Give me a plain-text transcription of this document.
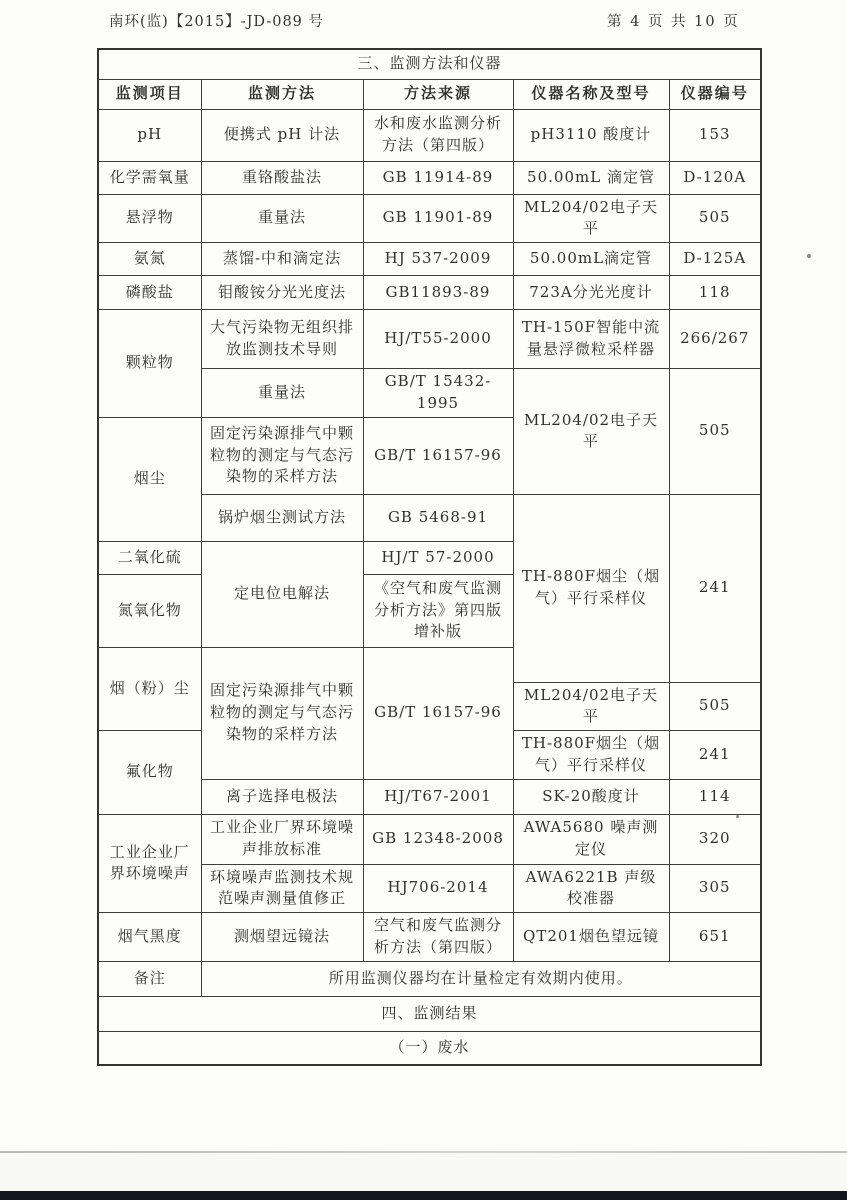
南环(监)【2015】-JD-089 号	第 4 页 共 10 页
三、监测方法和仪器				
监测项目	监测方法	方法来源	仪器名称及型号	仪器编号
pH	便携式 pH 计法	水和废水监测分析方法（第四版）	pH3110 酸度计	153
化学需氧量	重铬酸盐法	GB 11914-89	50.00mL 滴定管	D-120A
悬浮物	重量法	GB 11901-89	ML204/02电子天平	505
氨氮	蒸馏-中和滴定法	HJ 537-2009	50.00mL滴定管	D-125A
磷酸盐	钼酸铵分光光度法	GB11893-89	723A分光光度计	118
颗粒物	大气污染物无组织排放监测技术导则	HJ/T55-2000	TH-150F智能中流量悬浮微粒采样器	266/267
	重量法	GB/T 15432-1995	ML204/02电子天平	505
烟尘	固定污染源排气中颗粒物的测定与气态污染物的采样方法	GB/T 16157-96		
	锅炉烟尘测试方法	GB 5468-91	TH-880F烟尘（烟气）平行采样仪	241
二氧化硫	定电位电解法	HJ/T 57-2000		
氮氧化物		《空气和废气监测分析方法》第四版增补版		
烟（粉）尘	固定污染源排气中颗粒物的测定与气态污染物的采样方法	GB/T 16157-96		
			ML204/02电子天平	505
氟化物			TH-880F烟尘（烟气）平行采样仪	241
	离子选择电极法	HJ/T67-2001	SK-20酸度计	114
工业企业厂界环境噪声	工业企业厂界环境噪声排放标准	GB 12348-2008	AWA5680 噪声测定仪	320
	环境噪声监测技术规范噪声测量值修正	HJ706-2014	AWA6221B 声级校准器	305
烟气黑度	测烟望远镜法	空气和废气监测分析方法（第四版）	QT201烟色望远镜	651
备注	所用监测仪器均在计量检定有效期内使用。			
四、监测结果				
（一）废水				
